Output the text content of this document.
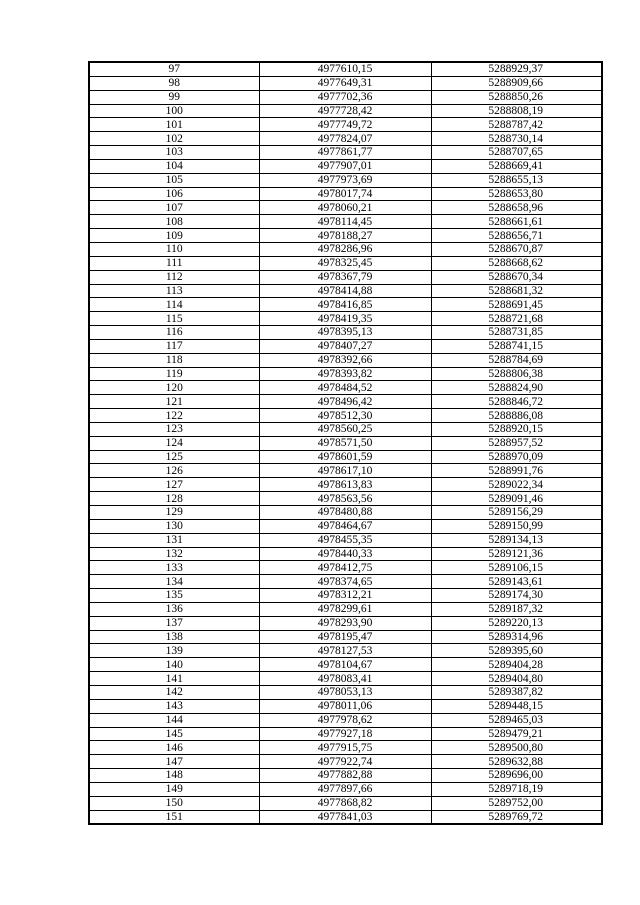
97	4977610,15	5288929,37
98	4977649,31	5288909,66
99	4977702,36	5288850,26
100	4977728,42	5288808,19
101	4977749,72	5288787,42
102	4977824,07	5288730,14
103	4977861,77	5288707,65
104	4977907,01	5288669,41
105	4977973,69	5288655,13
106	4978017,74	5288653,80
107	4978060,21	5288658,96
108	4978114,45	5288661,61
109	4978188,27	5288656,71
110	4978286,96	5288670,87
111	4978325,45	5288668,62
112	4978367,79	5288670,34
113	4978414,88	5288681,32
114	4978416,85	5288691,45
115	4978419,35	5288721,68
116	4978395,13	5288731,85
117	4978407,27	5288741,15
118	4978392,66	5288784,69
119	4978393,82	5288806,38
120	4978484,52	5288824,90
121	4978496,42	5288846,72
122	4978512,30	5288886,08
123	4978560,25	5288920,15
124	4978571,50	5288957,52
125	4978601,59	5288970,09
126	4978617,10	5288991,76
127	4978613,83	5289022,34
128	4978563,56	5289091,46
129	4978480,88	5289156,29
130	4978464,67	5289150,99
131	4978455,35	5289134,13
132	4978440,33	5289121,36
133	4978412,75	5289106,15
134	4978374,65	5289143,61
135	4978312,21	5289174,30
136	4978299,61	5289187,32
137	4978293,90	5289220,13
138	4978195,47	5289314,96
139	4978127,53	5289395,60
140	4978104,67	5289404,28
141	4978083,41	5289404,80
142	4978053,13	5289387,82
143	4978011,06	5289448,15
144	4977978,62	5289465,03
145	4977927,18	5289479,21
146	4977915,75	5289500,80
147	4977922,74	5289632,88
148	4977882,88	5289696,00
149	4977897,66	5289718,19
150	4977868,82	5289752,00
151	4977841,03	5289769,72
